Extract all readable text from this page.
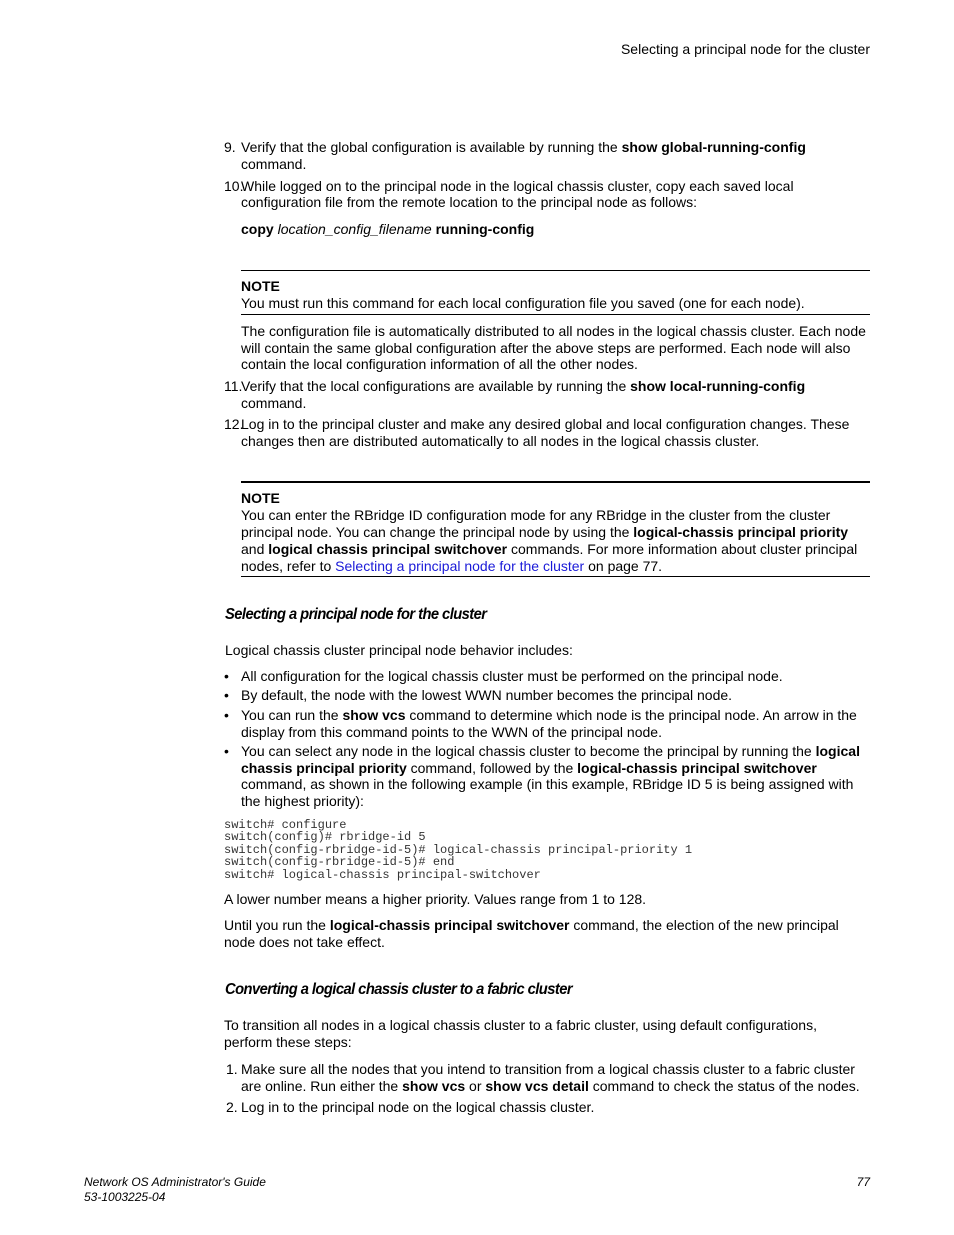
Selecting a principal node for the cluster
9. Verify that the global configuration is available by running the show global-running-config
command.
10.
While logged on to the principal node in the logical chassis cluster, copy each saved local
configuration file from the remote location to the principal node as follows:
copy location_config_filename running-config
NOTE
You must run this command for each local configuration file you saved (one for each node).
The configuration file is automatically distributed to all nodes in the logical chassis cluster. Each node
will contain the same global configuration after the above steps are performed. Each node will also
contain the local configuration information of all the other nodes.
11.
Verify that the local configurations are available by running the show local-running-config
command.
12.
Log in to the principal cluster and make any desired global and local configuration changes. These
changes then are distributed automatically to all nodes in the logical chassis cluster.
NOTE
You can enter the RBridge ID configuration mode for any RBridge in the cluster from the cluster
principal node. You can change the principal node by using the logical-chassis principal priority
and logical chassis principal switchover commands. For more information about cluster principal
nodes, refer to Selecting a principal node for the cluster on page 77.
Selecting a principal node for the cluster
Logical chassis cluster principal node behavior includes:
• All configuration for the logical chassis cluster must be performed on the principal node.
• By default, the node with the lowest WWN number becomes the principal node.
• You can run the show vcs command to determine which node is the principal node. An arrow in the
display from this command points to the WWN of the principal node.
• You can select any node in the logical chassis cluster to become the principal by running the logical
chassis principal priority command, followed by the logical-chassis principal switchover
command, as shown in the following example (in this example, RBridge ID 5 is being assigned with
the highest priority):
switch# configure
switch(config)# rbridge-id 5
switch(config-rbridge-id-5)# logical-chassis principal-priority 1
switch(config-rbridge-id-5)# end
switch# logical-chassis principal-switchover
A lower number means a higher priority. Values range from 1 to 128.
Until you run the logical-chassis principal switchover command, the election of the new principal
node does not take effect.
Converting a logical chassis cluster to a fabric cluster
To transition all nodes in a logical chassis cluster to a fabric cluster, using default configurations,
perform these steps:
1. Make sure all the nodes that you intend to transition from a logical chassis cluster to a fabric cluster
are online. Run either the show vcs or show vcs detail command to check the status of the nodes.
2. Log in to the principal node on the logical chassis cluster.
Network OS Administrator's Guide
53-1003225-04
77
